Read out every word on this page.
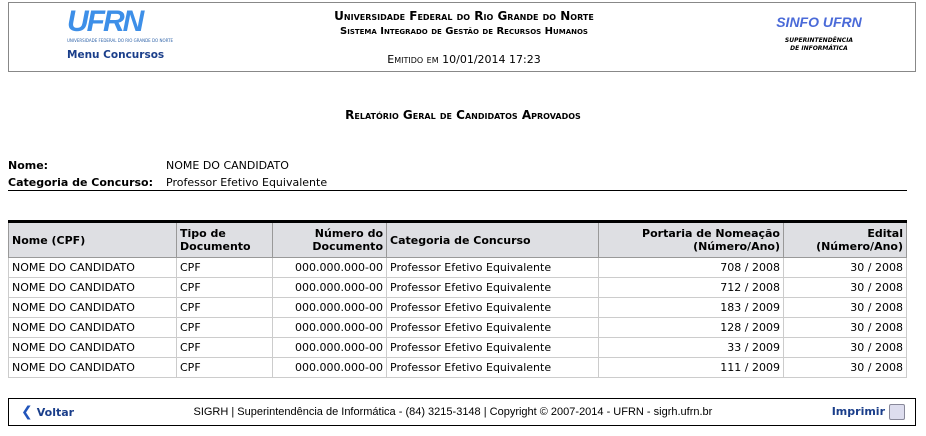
UFRN
UNIVERSIDADE FEDERAL DO RIO GRANDE DO NORTE
Menu Concursos
Universidade Federal do Rio Grande do Norte
Sistema Integrado de Gestão de Recursos Humanos
Emitido em 10/01/2014 17:23
SINFO UFRN
SUPERINTENDÊNCIA
DE INFORMÁTICA
Relatório Geral de Candidatos Aprovados
Nome:	NOME DO CANDIDATO
Categoria de Concurso: Professor Efetivo Equivalente
Nome (CPF)	Tipo de Documento	Número do Documento	Categoria de Concurso	Portaria de Nomeação (Número/Ano)	Edital (Número/Ano)
NOME DO CANDIDATO	CPF	000.000.000-00	Professor Efetivo Equivalente	708 / 2008	30 / 2008
NOME DO CANDIDATO	CPF	000.000.000-00	Professor Efetivo Equivalente	712 / 2008	30 / 2008
NOME DO CANDIDATO	CPF	000.000.000-00	Professor Efetivo Equivalente	183 / 2009	30 / 2008
NOME DO CANDIDATO	CPF	000.000.000-00	Professor Efetivo Equivalente	128 / 2009	30 / 2008
NOME DO CANDIDATO	CPF	000.000.000-00	Professor Efetivo Equivalente	33 / 2009	30 / 2008
NOME DO CANDIDATO	CPF	000.000.000-00	Professor Efetivo Equivalente	111 / 2009	30 / 2008
❮ Voltar	SIGRH | Superintendência de Informática - (84) 3215-3148 | Copyright © 2007-2014 - UFRN - sigrh.ufrn.br	Imprimir
